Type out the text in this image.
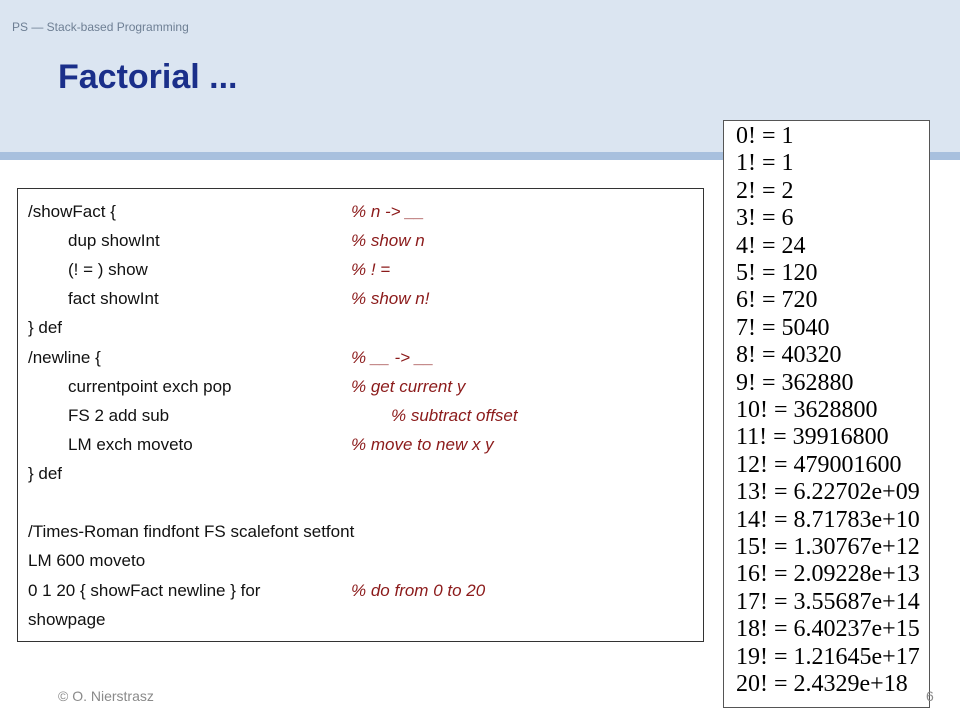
PS — Stack-based Programming
Factorial ...
/showFact {	% n -> __
dup showInt	% show n
(! = ) show	% ! =
fact showInt	% show n!
} def
/newline {	% __ -> __
currentpoint exch pop	% get current y
FS 2 add sub	% subtract offset
LM exch moveto	% move to new x y
} def
/Times-Roman findfont FS scalefont setfont
LM 600 moveto
0 1 20 { showFact newline } for	% do from 0 to 20
showpage
0! = 1
1! = 1
2! = 2
3! = 6
4! = 24
5! = 120
6! = 720
7! = 5040
8! = 40320
9! = 362880
10! = 3628800
11! = 39916800
12! = 479001600
13! = 6.22702e+09
14! = 8.71783e+10
15! = 1.30767e+12
16! = 2.09228e+13
17! = 3.55687e+14
18! = 6.40237e+15
19! = 1.21645e+17
20! = 2.4329e+18
© O. Nierstrasz	6
